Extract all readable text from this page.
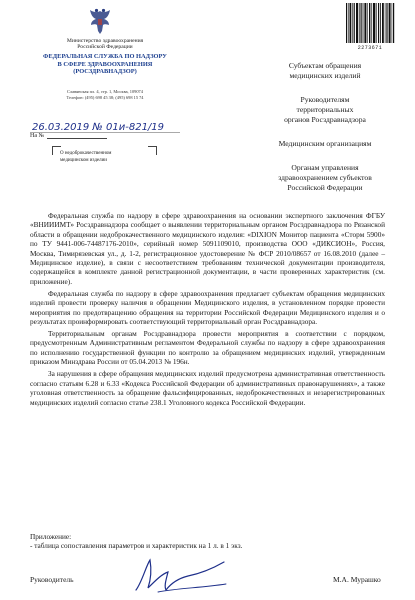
Министерство здравоохранения
Российской Федерации
ФЕДЕРАЛЬНАЯ СЛУЖБА ПО НАДЗОРУ
В СФЕРЕ ЗДРАВООХРАНЕНИЯ
(РОСЗДРАВНАДЗОР)
Славянская пл. 4, стр. 1, Москва, 109074
Телефон: (495) 698 45 38; (495) 698 15 74
26.03.2019 № 01и-821/19
На №
О недоброкачественном
медицинском изделии
2273671
Субъектам обращения
медицинских изделий
Руководителям
территориальных
органов Росздравнадзора
Медицинским организациям
Органам управления
здравоохранением субъектов
Российской Федерации

Федеральная служба по надзору в сфере здравоохранения на основании экспертного заключения ФГБУ «ВНИИИМТ» Росздравнадзора сообщает о выявлении территориальным органом Росздравнадзора по Рязанской области в обращении недоброкачественного медицинского изделия: «DIXION Монитор пациента «Сторм 5900» по ТУ 9441-006-74487176-2010», серийный номер 5091109010, производства ООО «ДИКСИОН», Россия, Москва, Тимирязевская ул., д. 1-2, регистрационное удостоверение № ФСР 2010/08657 от 16.08.2010 (далее – Медицинское изделие), в связи с несоответствием требованиям технической документации производителя, содержащейся в комплекте данной регистрационной документации, в части проверенных характеристик (см. приложение).

Федеральная служба по надзору в сфере здравоохранения предлагает субъектам обращения медицинских изделий провести проверку наличия в обращении Медицинского изделия, в установленном порядке провести мероприятия по предотвращению обращения на территории Российской Федерации Медицинского изделия и о результатах проинформировать соответствующий территориальный орган Росздравнадзора.

Территориальным органам Росздравнадзора провести мероприятия в соответствии с порядком, предусмотренным Административным регламентом Федеральной службы по надзору в сфере здравоохранения по исполнению государственной функции по контролю за обращением медицинских изделий, утвержденным приказом Минздрава России от 05.04.2013 № 196н.

За нарушения в сфере обращения медицинских изделий предусмотрена административная ответственность согласно статьям 6.28 и 6.33 «Кодекса Российской Федерации об административных правонарушениях», а также уголовная ответственность за обращение фальсифицированных, недоброкачественных и незарегистрированных медицинских изделий согласно статье 238.1 Уголовного кодекса Российской Федерации.

Приложение:
- таблица сопоставления параметров и характеристик на 1 л. в 1 экз.
Руководитель	М.А. Мурашко
